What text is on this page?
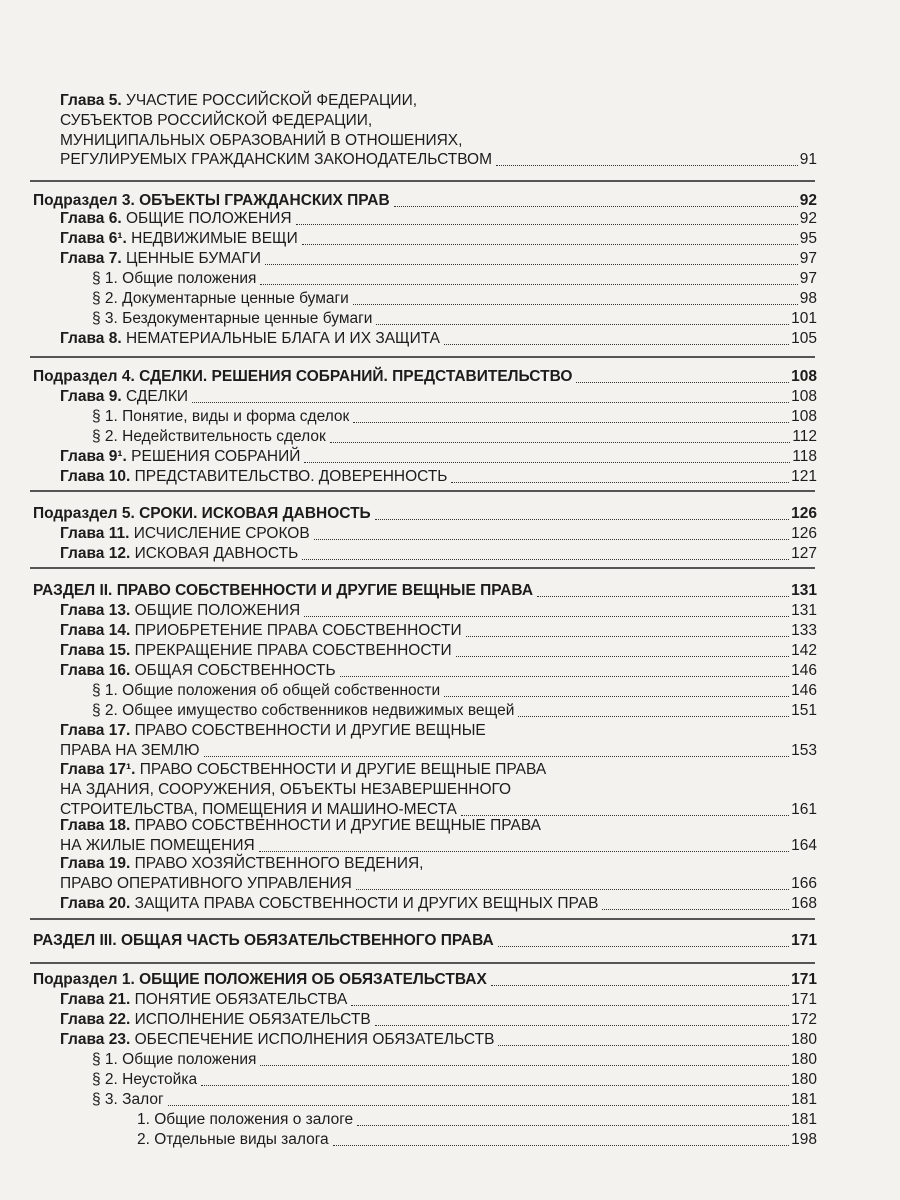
Глава 5. УЧАСТИЕ РОССИЙСКОЙ ФЕДЕРАЦИИ,
СУБЪЕКТОВ РОССИЙСКОЙ ФЕДЕРАЦИИ,
МУНИЦИПАЛЬНЫХ ОБРАЗОВАНИЙ В ОТНОШЕНИЯХ,
РЕГУЛИРУЕМЫХ ГРАЖДАНСКИМ ЗАКОНОДАТЕЛЬСТВОМ	91
Подраздел 3. ОБЪЕКТЫ ГРАЖДАНСКИХ ПРАВ	92
Глава 6. ОБЩИЕ ПОЛОЖЕНИЯ	92
Глава 6¹. НЕДВИЖИМЫЕ ВЕЩИ	95
Глава 7. ЦЕННЫЕ БУМАГИ	97
§ 1. Общие положения	97
§ 2. Документарные ценные бумаги	98
§ 3. Бездокументарные ценные бумаги	101
Глава 8. НЕМАТЕРИАЛЬНЫЕ БЛАГА И ИХ ЗАЩИТА	105
Подраздел 4. СДЕЛКИ. РЕШЕНИЯ СОБРАНИЙ. ПРЕДСТАВИТЕЛЬСТВО	108
Глава 9. СДЕЛКИ	108
§ 1. Понятие, виды и форма сделок	108
§ 2. Недействительность сделок	112
Глава 9¹. РЕШЕНИЯ СОБРАНИЙ	118
Глава 10. ПРЕДСТАВИТЕЛЬСТВО. ДОВЕРЕННОСТЬ	121
Подраздел 5. СРОКИ. ИСКОВАЯ ДАВНОСТЬ	126
Глава 11. ИСЧИСЛЕНИЕ СРОКОВ	126
Глава 12. ИСКОВАЯ ДАВНОСТЬ	127
РАЗДЕЛ II. ПРАВО СОБСТВЕННОСТИ И ДРУГИЕ ВЕЩНЫЕ ПРАВА	131
Глава 13. ОБЩИЕ ПОЛОЖЕНИЯ	131
Глава 14. ПРИОБРЕТЕНИЕ ПРАВА СОБСТВЕННОСТИ	133
Глава 15. ПРЕКРАЩЕНИЕ ПРАВА СОБСТВЕННОСТИ	142
Глава 16. ОБЩАЯ СОБСТВЕННОСТЬ	146
§ 1. Общие положения об общей собственности	146
§ 2. Общее имущество собственников недвижимых вещей	151
Глава 17. ПРАВО СОБСТВЕННОСТИ И ДРУГИЕ ВЕЩНЫЕ
ПРАВА НА ЗЕМЛЮ	153
Глава 17¹. ПРАВО СОБСТВЕННОСТИ И ДРУГИЕ ВЕЩНЫЕ ПРАВА
НА ЗДАНИЯ, СООРУЖЕНИЯ, ОБЪЕКТЫ НЕЗАВЕРШЕННОГО
СТРОИТЕЛЬСТВА, ПОМЕЩЕНИЯ И МАШИНО-МЕСТА	161
Глава 18. ПРАВО СОБСТВЕННОСТИ И ДРУГИЕ ВЕЩНЫЕ ПРАВА
НА ЖИЛЫЕ ПОМЕЩЕНИЯ	164
Глава 19. ПРАВО ХОЗЯЙСТВЕННОГО ВЕДЕНИЯ,
ПРАВО ОПЕРАТИВНОГО УПРАВЛЕНИЯ	166
Глава 20. ЗАЩИТА ПРАВА СОБСТВЕННОСТИ И ДРУГИХ ВЕЩНЫХ ПРАВ	168
РАЗДЕЛ III. ОБЩАЯ ЧАСТЬ ОБЯЗАТЕЛЬСТВЕННОГО ПРАВА	171
Подраздел 1. ОБЩИЕ ПОЛОЖЕНИЯ ОБ ОБЯЗАТЕЛЬСТВАХ	171
Глава 21. ПОНЯТИЕ ОБЯЗАТЕЛЬСТВА	171
Глава 22. ИСПОЛНЕНИЕ ОБЯЗАТЕЛЬСТВ	172
Глава 23. ОБЕСПЕЧЕНИЕ ИСПОЛНЕНИЯ ОБЯЗАТЕЛЬСТВ	180
§ 1. Общие положения	180
§ 2. Неустойка	180
§ 3. Залог	181
1. Общие положения о залоге	181
2. Отдельные виды залога	198
